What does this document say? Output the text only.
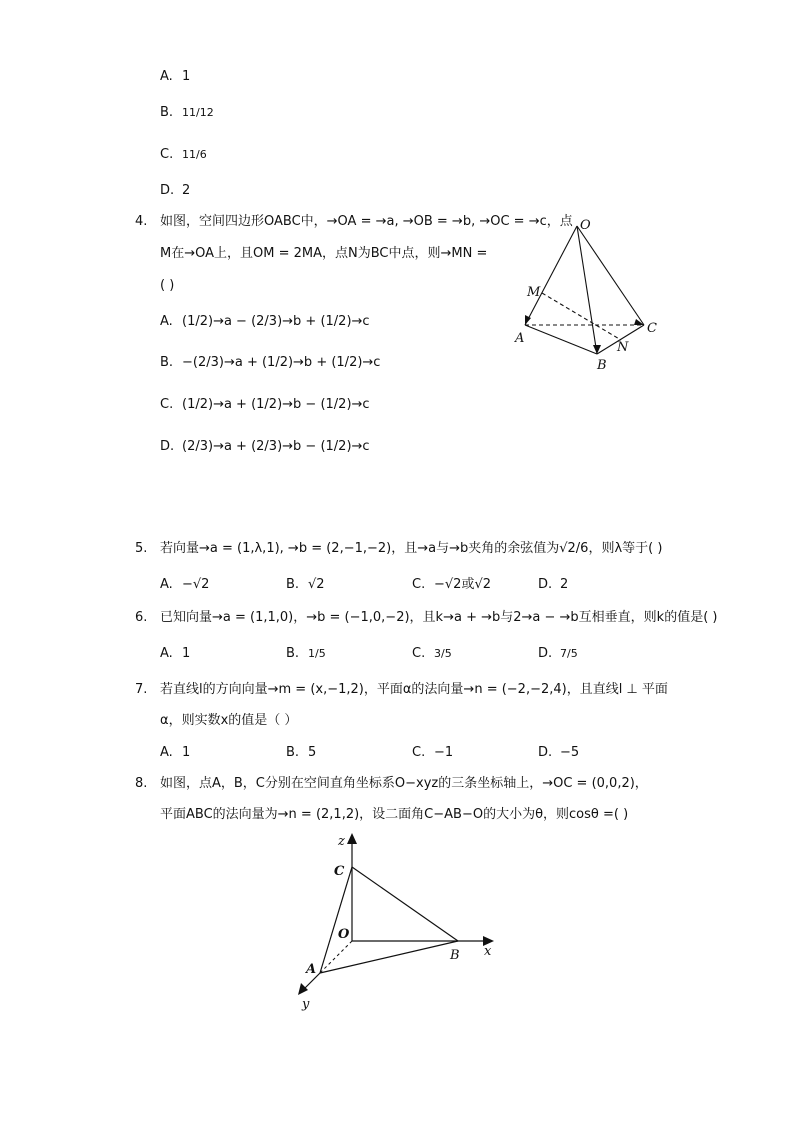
A. 1
B. 11/12
C. 11/6
D. 2
4. 如图，空间四边形OABC中，→OA = →a, →OB = →b, →OC = →c，点
M在→OA上，且OM = 2MA，点N为BC中点，则→MN =
( )
A. (1/2)→a − (2/3)→b + (1/2)→c
B. −(2/3)→a + (1/2)→b + (1/2)→c
C. (1/2)→a + (1/2)→b − (1/2)→c
D. (2/3)→a + (2/3)→b − (1/2)→c
O
M
A
B
C
N
5. 若向量→a = (1,λ,1), →b = (2,−1,−2)，且→a与→b夹角的余弦值为√2/6，则λ等于( )
A. −√2	B. √2	C. −√2或√2	D. 2
6. 已知向量→a = (1,1,0)，→b = (−1,0,−2)，且k→a + →b与2→a − →b互相垂直，则k的值是( )
A. 1	B. 1/5	C. 3/5	D. 7/5
7. 若直线l的方向向量→m = (x,−1,2)，平面α的法向量→n = (−2,−2,4)，且直线l ⊥ 平面
α，则实数x的值是（ ）
A. 1	B. 5	C. −1	D. −5
8. 如图，点A，B，C分别在空间直角坐标系O−xyz的三条坐标轴上，→OC = (0,0,2)，
平面ABC的法向量为→n = (2,1,2)，设二面角C−AB−O的大小为θ，则cosθ =( )
z
C
O
B x
A
y
